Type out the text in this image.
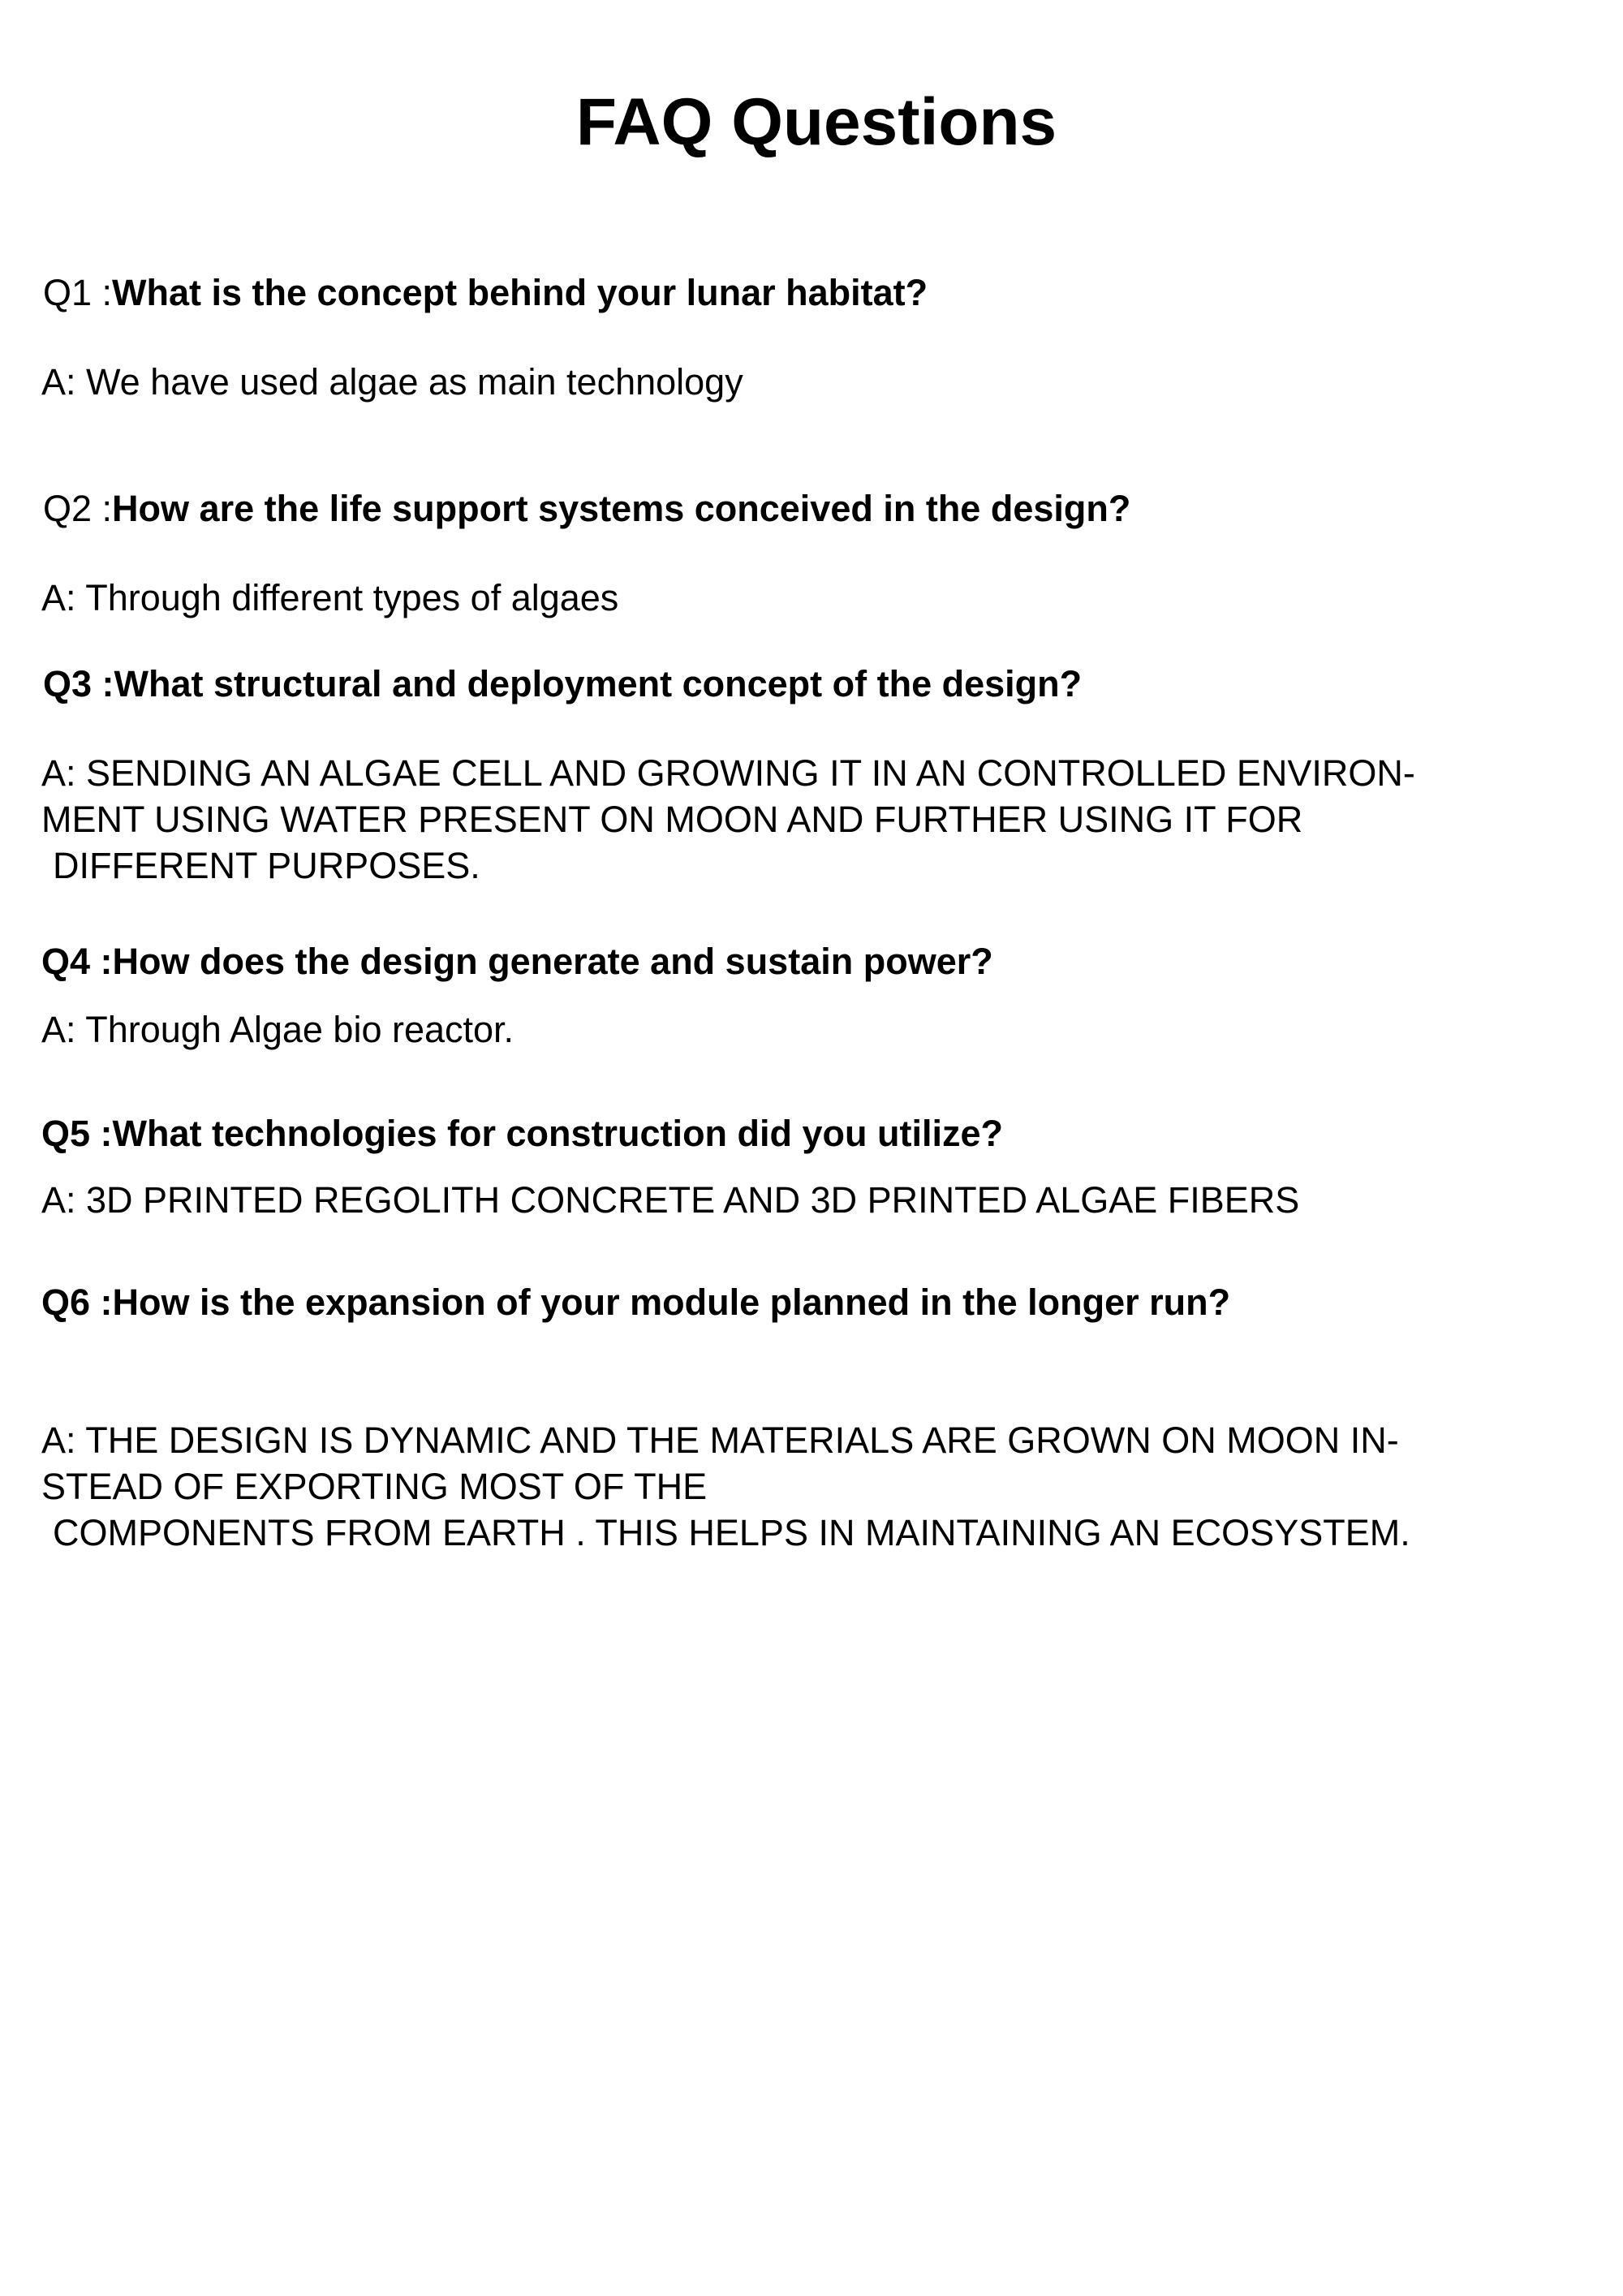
FAQ Questions

Q1 :What is the concept behind your lunar habitat?

A: We have used algae as main technology

Q2 :How are the life support systems conceived in the design?

A: Through different types of algaes

Q3 :What structural and deployment concept of the design?

A: SENDING AN ALGAE CELL AND GROWING IT IN AN CONTROLLED ENVIRON-

MENT USING WATER PRESENT ON MOON AND FURTHER USING IT FOR

DIFFERENT PURPOSES.

Q4 :How does the design generate and sustain power?

A: Through Algae bio reactor.

Q5 :What technologies for construction did you utilize?

A: 3D PRINTED REGOLITH CONCRETE AND 3D PRINTED ALGAE FIBERS

Q6 :How is the expansion of your module planned in the longer run?

A: THE DESIGN IS DYNAMIC AND THE MATERIALS ARE GROWN ON MOON IN-

STEAD OF EXPORTING MOST OF THE

COMPONENTS FROM EARTH . THIS HELPS IN MAINTAINING AN ECOSYSTEM.
